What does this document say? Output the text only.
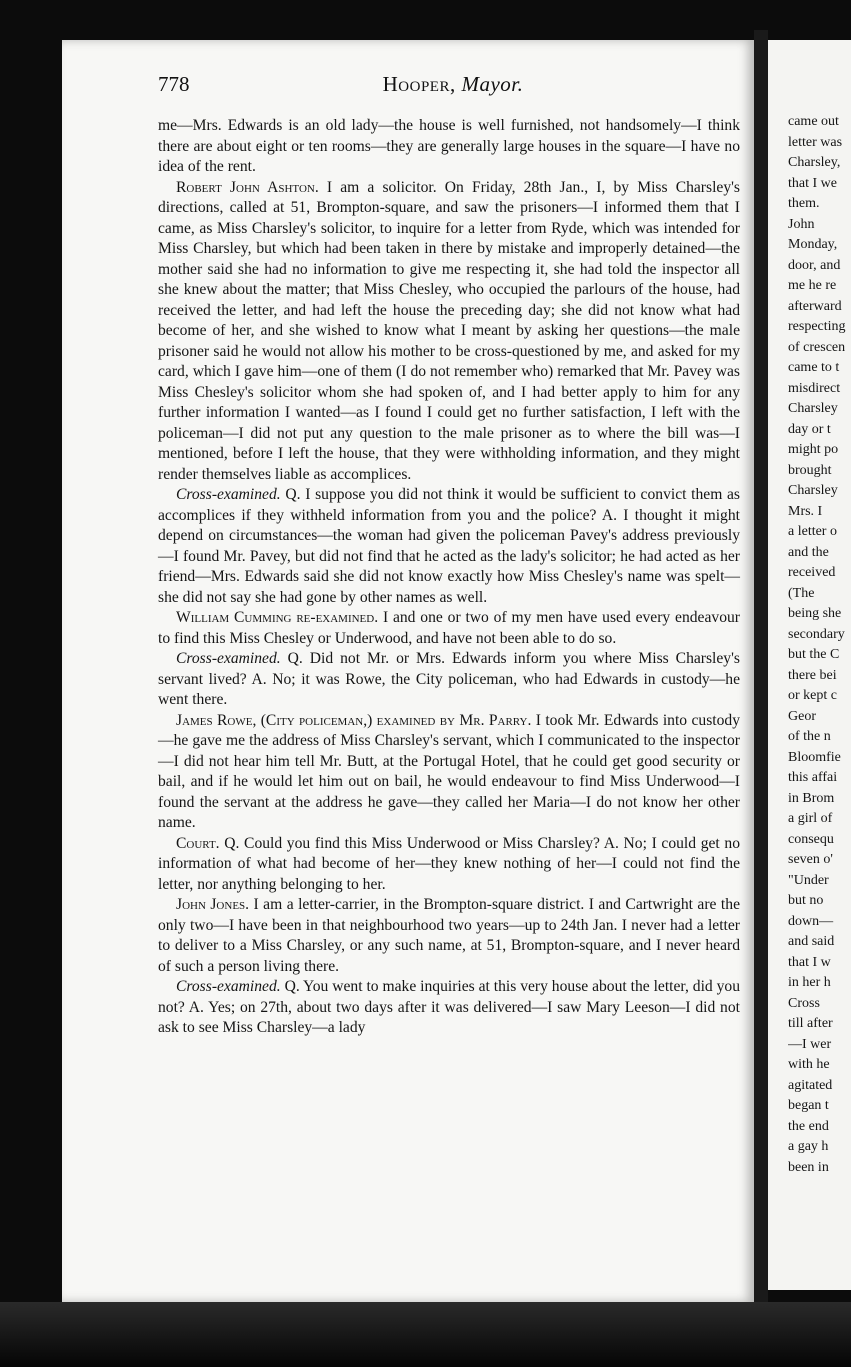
778	Hooper, Mayor.

me—Mrs. Edwards is an old lady—the house is well furnished, not handsomely—I think there are about eight or ten rooms—they are generally large houses in the square—I have no idea of the rent.

Robert John Ashton. I am a solicitor. On Friday, 28th Jan., I, by Miss Charsley's directions, called at 51, Brompton-square, and saw the prisoners—I informed them that I came, as Miss Charsley's solicitor, to inquire for a letter from Ryde, which was intended for Miss Charsley, but which had been taken in there by mistake and improperly detained—the mother said she had no information to give me respecting it, she had told the inspector all she knew about the matter; that Miss Chesley, who occupied the parlours of the house, had received the letter, and had left the house the preceding day; she did not know what had become of her, and she wished to know what I meant by asking her questions—the male prisoner said he would not allow his mother to be cross-questioned by me, and asked for my card, which I gave him—one of them (I do not remember who) remarked that Mr. Pavey was Miss Chesley's solicitor whom she had spoken of, and I had better apply to him for any further information I wanted—as I found I could get no further satisfaction, I left with the policeman—I did not put any question to the male prisoner as to where the bill was—I mentioned, before I left the house, that they were withholding information, and they might render themselves liable as accomplices.

Cross-examined. Q. I suppose you did not think it would be sufficient to convict them as accomplices if they withheld information from you and the police? A. I thought it might depend on circumstances—the woman had given the policeman Pavey's address previously—I found Mr. Pavey, but did not find that he acted as the lady's solicitor; he had acted as her friend—Mrs. Edwards said she did not know exactly how Miss Chesley's name was spelt—she did not say she had gone by other names as well.

William Cumming re-examined. I and one or two of my men have used every endeavour to find this Miss Chesley or Underwood, and have not been able to do so.

Cross-examined. Q. Did not Mr. or Mrs. Edwards inform you where Miss Charsley's servant lived? A. No; it was Rowe, the City policeman, who had Edwards in custody—he went there.

James Rowe, (City policeman,) examined by Mr. Parry. I took Mr. Edwards into custody—he gave me the address of Miss Charsley's servant, which I communicated to the inspector—I did not hear him tell Mr. Butt, at the Portugal Hotel, that he could get good security or bail, and if he would let him out on bail, he would endeavour to find Miss Underwood—I found the servant at the address he gave—they called her Maria—I do not know her other name.

Court. Q. Could you find this Miss Underwood or Miss Charsley? A. No; I could get no information of what had become of her—they knew nothing of her—I could not find the letter, nor anything belonging to her.

John Jones. I am a letter-carrier, in the Brompton-square district. I and Cartwright are the only two—I have been in that neighbourhood two years—up to 24th Jan. I never had a letter to deliver to a Miss Charsley, or any such name, at 51, Brompton-square, and I never heard of such a person living there.

Cross-examined. Q. You went to make inquiries at this very house about the letter, did you not? A. Yes; on 27th, about two days after it was delivered—I saw Mary Leeson—I did not ask to see Miss Charsley—a lady

came out
letter was
Charsley,
that I we
them.
John
Monday,
door, and
me he re
afterward
respecting
of crescen
came to t
misdirect
Charsley
day or t
might po
brought
Charsley
Mrs. I
a letter o
and the
received
(The
being she
secondary
but the C
there bei
or kept c
Geor
of the n
Bloomfie
this affai
in Brom
a girl of
consequ
seven o'
"Under
but no
down—
and said
that I w
in her h
Cross
till after
—I wer
with he
agitated
began t
the end
a gay h
been in
